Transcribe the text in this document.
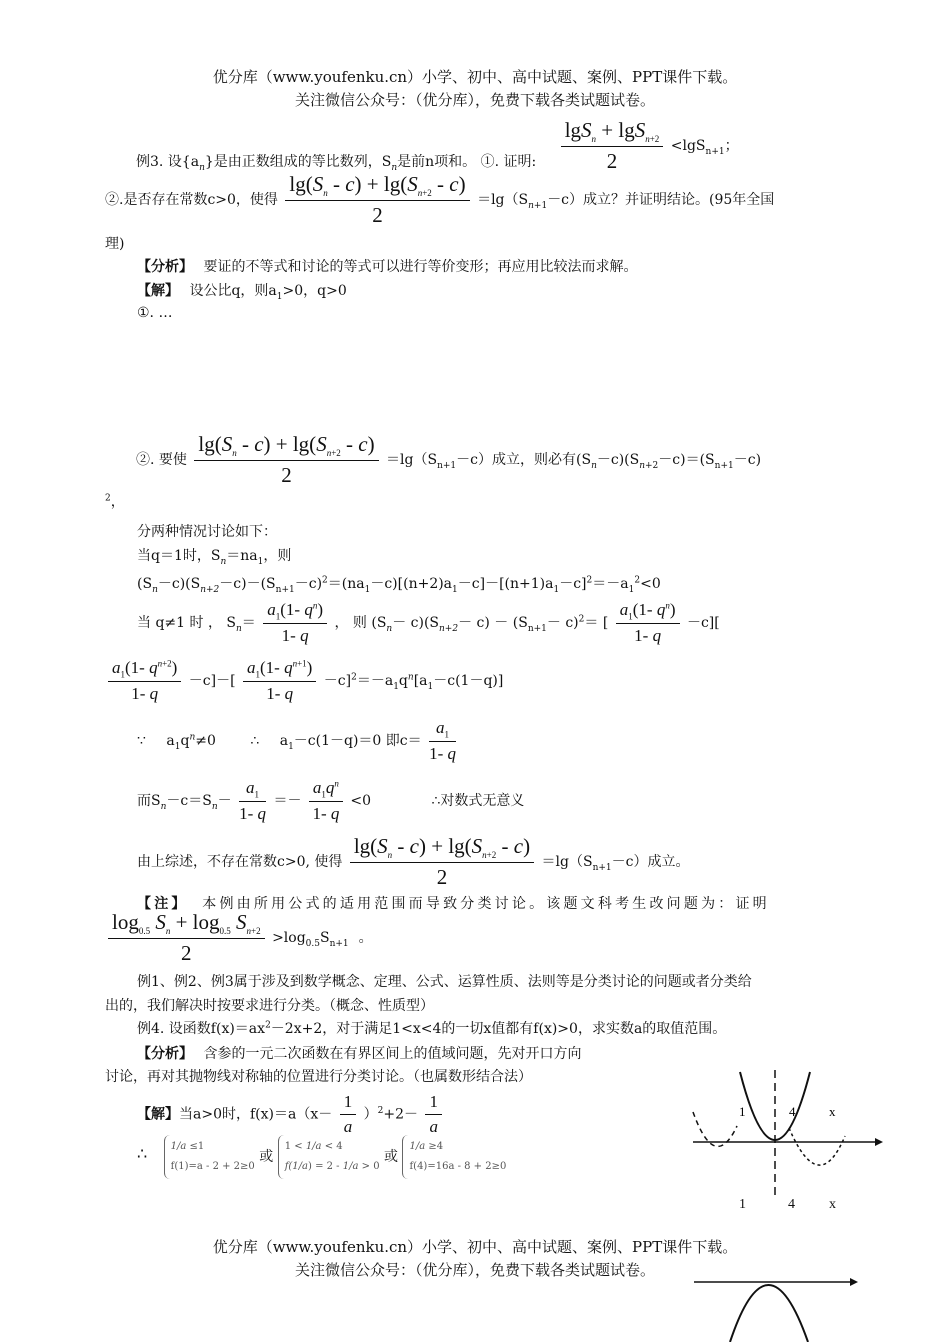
优分库（www.youfenku.cn）小学、初中、高中试题、案例、PPT课件下载。
关注微信公众号：（优分库），免费下载各类试题试卷。
例3. 设$\{a_n\}$是由正数组成的等比数列，$S_n$是前n项和。 ①. 证明: $\frac{\lg S_n + \lg S_{n+2}}{2} <\lg S_{n+1}$；
②.是否存在常数c>0，使得 $\frac{\lg(S_n - c) + \lg(S_{n+2} - c)}{2} =\lg(S_{n+1}-c)$成立？并证明结论。(95年全国
理)
【分析】 要证的不等式和讨论的等式可以进行等价变形；再应用比较法而求解。
【解】 设公比q，则$a_1>0$，q>0
①. …
②. 要使 $\frac{\lg(S_n - c) + \lg(S_{n+2} - c)}{2} =\lg(S_{n+1}-c)$成立，则必有$(S_n-c)(S_{n+2}-c)=(S_{n+1}-c)$
$^2$，
分两种情况讨论如下：
当q＝1时，$S_n=na_1$，则
$(S_n-c)(S_{n+2}-c)-(S_{n+1}-c)^2=(na_1-c)[(n+2)a_1-c]-[(n+1)a_1-c]^2=-a_1^2<0$
当 q≠1 时 ， $S_n= \frac{a_1(1- q^n)}{1- q}$ ， 则 $(S_n- c)(S_{n+2}- c) - (S_{n+1}- c)^2=$ [ $\frac{a_1(1- q^n)}{1- q} -c$][
$\frac{a_1(1- q^{n+2})}{1- q} -c]-[ \frac{a_1(1- q^{n+1})}{1- q} -c]^2=-a_1q^n[a_1-c(1-q)]$
∵ $a_1q^n\ne 0$ ∴ $a_1-c(1-q)=0$ 即$c= \frac{a_1}{1- q}$
而$S_n-c=S_n- \frac{a_1}{1- q} =- \frac{a_1q^n}{1- q} <0$	∴对数式无意义
由上综述，不存在常数c>0, 使得 $\frac{\lg(S_n - c) + \lg(S_{n+2} - c)}{2} =\lg(S_{n+1}-c)$成立。
【注】 本例由所用公式的适用范围而导致分类讨论。该题文科考生改问题为：证明
$\frac{\log_{0.5} S_n + \log_{0.5} S_{n+2}}{2} >\log_{0.5}S_{n+1}$ 。
例1、例2、例3属于涉及到数学概念、定理、公式、运算性质、法则等是分类讨论的问题或者分类给
出的，我们解决时按要求进行分类。（概念、性质型）
例4. 设函数$f(x)=ax^2-2x+2$，对于满足1<x<4的一切x值都有f(x)>0，求实数a的取值范围。
【分析】 含参的一元二次函数在有界区间上的值域问题，先对开口方向
讨论，再对其抛物线对称轴的位置进行分类讨论。（也属数形结合法）
【解】当a>0时，$f(x)=a(x- \frac{1}{a} )^2+2- \frac{1}{a}$
∴ 1/a ≤1
f(1)=a - 2 + 2≥0
或
1 < 1/a < 4
f(1/a) = 2 - 1/a > 0
或
1/a ≥4
f(4)=16a - 8 + 2≥0
1	4	x
1	4 x
优分库（www.youfenku.cn）小学、初中、高中试题、案例、PPT课件下载。
关注微信公众号：（优分库），免费下载各类试题试卷。
